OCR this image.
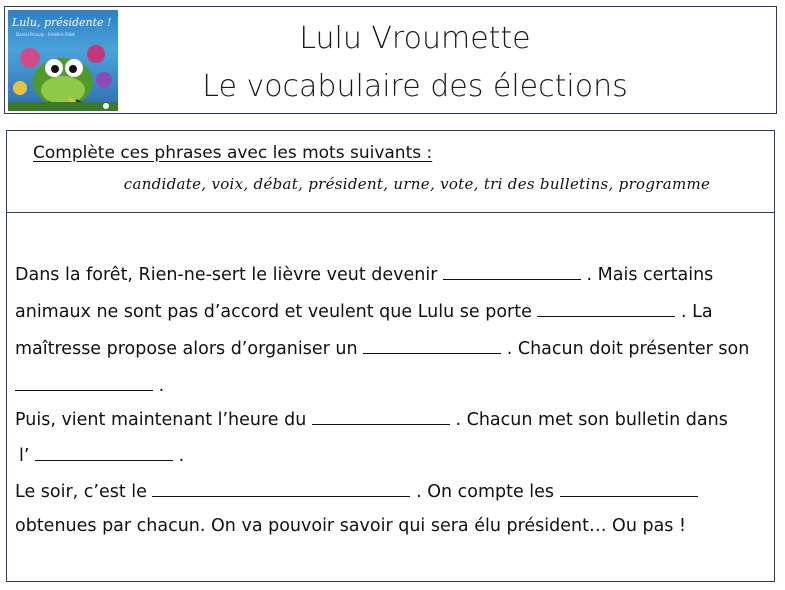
Lulu, présidente !
Daniel Picouly · Frédéric Pillot	Lulu Vroumette
Le vocabulaire des élections
Complète ces phrases avec les mots suivants :
candidate, voix, débat, président, urne, vote, tri des bulletins, programme
Dans la forêt, Rien-ne-sert le lièvre veut devenir	. Mais certains
animaux ne sont pas d’accord et veulent que Lulu se porte	. La
maîtresse propose alors d’organiser un	. Chacun doit présenter son
.
Puis, vient maintenant l’heure du	. Chacun met son bulletin dans
l’	.
Le soir, c’est le	. On compte les
obtenues par chacun. On va pouvoir savoir qui sera élu président… Ou pas !
